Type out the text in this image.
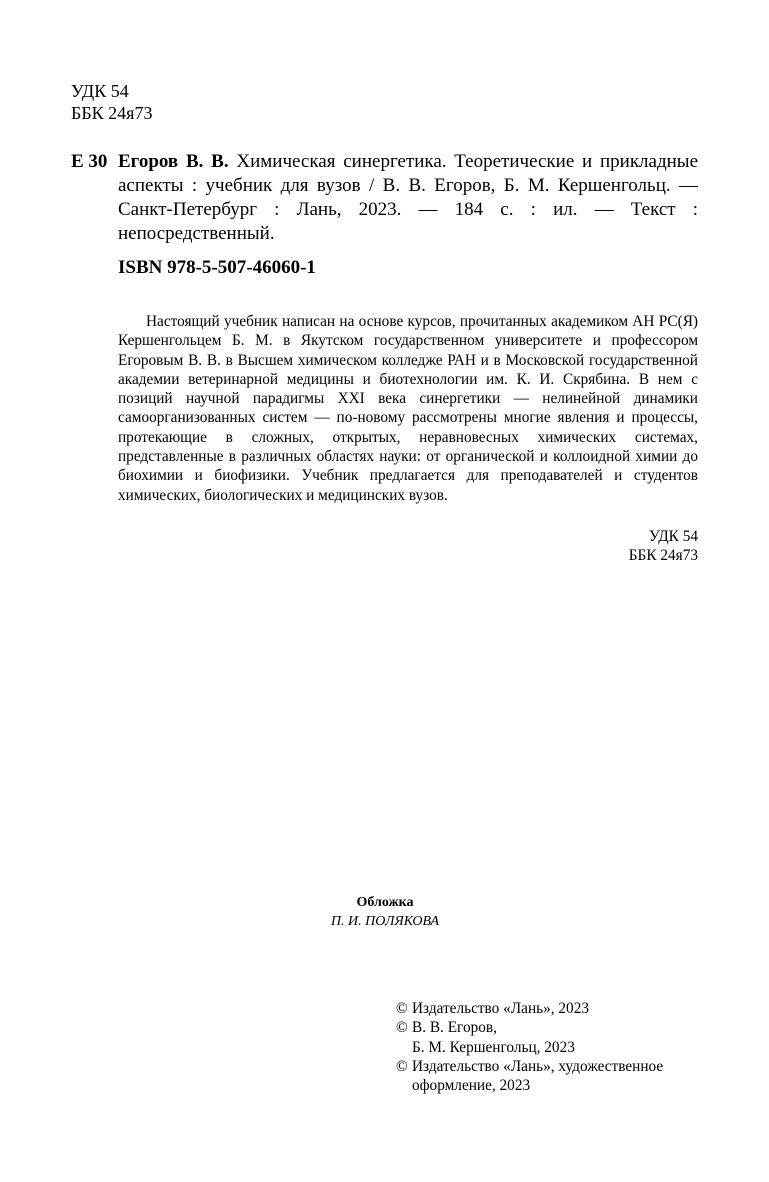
УДК 54
ББК 24я73
Е 30 Егоров В. В. Химическая синергетика. Теоретические и прикладные аспекты : учебник для вузов / В. В. Егоров, Б. М. Кершенгольц. — Санкт-Петербург : Лань, 2023. — 184 с. : ил. — Текст : непосредственный.
ISBN 978-5-507-46060-1
Настоящий учебник написан на основе курсов, прочитанных академиком АН РС(Я) Кершенгольцем Б. М. в Якутском государственном университете и профессором Егоровым В. В. в Высшем химическом колледже РАН и в Московской государственной академии ветеринарной медицины и биотехнологии им. К. И. Скрябина. В нем с позиций научной парадигмы XXI века синергетики — нелинейной динамики самоорганизованных систем — по-новому рассмотрены многие явления и процессы, протекающие в сложных, открытых, неравновесных химических системах, представленные в различных областях науки: от органической и коллоидной химии до биохимии и биофизики. Учебник предлагается для преподавателей и студентов химических, биологических и медицинских вузов.
УДК 54
ББК 24я73
Обложка
П. И. ПОЛЯКОВА
© Издательство «Лань», 2023
© В. В. Егоров,
Б. М. Кершенгольц, 2023
© Издательство «Лань», художественное
оформление, 2023
